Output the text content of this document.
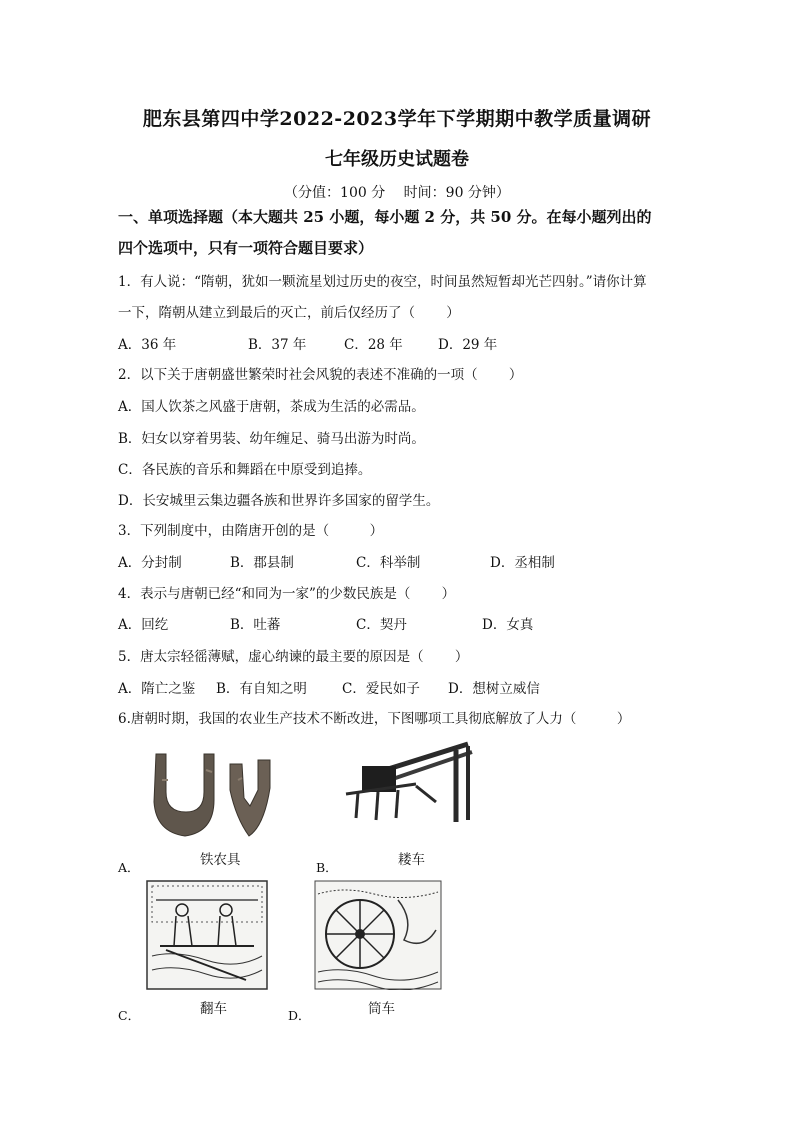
肥东县第四中学2022-2023学年下学期期中教学质量调研
七年级历史试题卷
（分值：100 分　 时间：90 分钟）
一、单项选择题（本大题共 25 小题，每小题 2 分，共 50 分。在每小题列出的
四个选项中，只有一项符合题目要求）
1．有人说：“隋朝，犹如一颗流星划过历史的夜空，时间虽然短暂却光芒四射。”请你计算
一下，隋朝从建立到最后的灭亡，前后仅经历了（　　 ）
A．36 年	B．37 年	C．28 年	D．29 年
2．以下关于唐朝盛世繁荣时社会风貌的表述不准确的一项（　　 ）
A．国人饮茶之风盛于唐朝，茶成为生活的必需品。
B．妇女以穿着男装、幼年缠足、骑马出游为时尚。
C．各民族的音乐和舞蹈在中原受到追捧。
D．长安城里云集边疆各族和世界许多国家的留学生。
3．下列制度中，由隋唐开创的是（　　　）
A．分封制	B．郡县制	C．科举制	D．丞相制
4．表示与唐朝已经“和同为一家”的少数民族是（　　 ）
A．回纥	B．吐蕃	C．契丹	D．女真
5．唐太宗轻徭薄赋，虚心纳谏的最主要的原因是（　　 ）
A．隋亡之鉴 B．有自知之明	C．爱民如子 D．想树立威信
6.唐朝时期，我国的农业生产技术不断改进，下图哪项工具彻底解放了人力（　　　）
A．	铁农具	B．	耧车
C．	翻车	D．	筒车
